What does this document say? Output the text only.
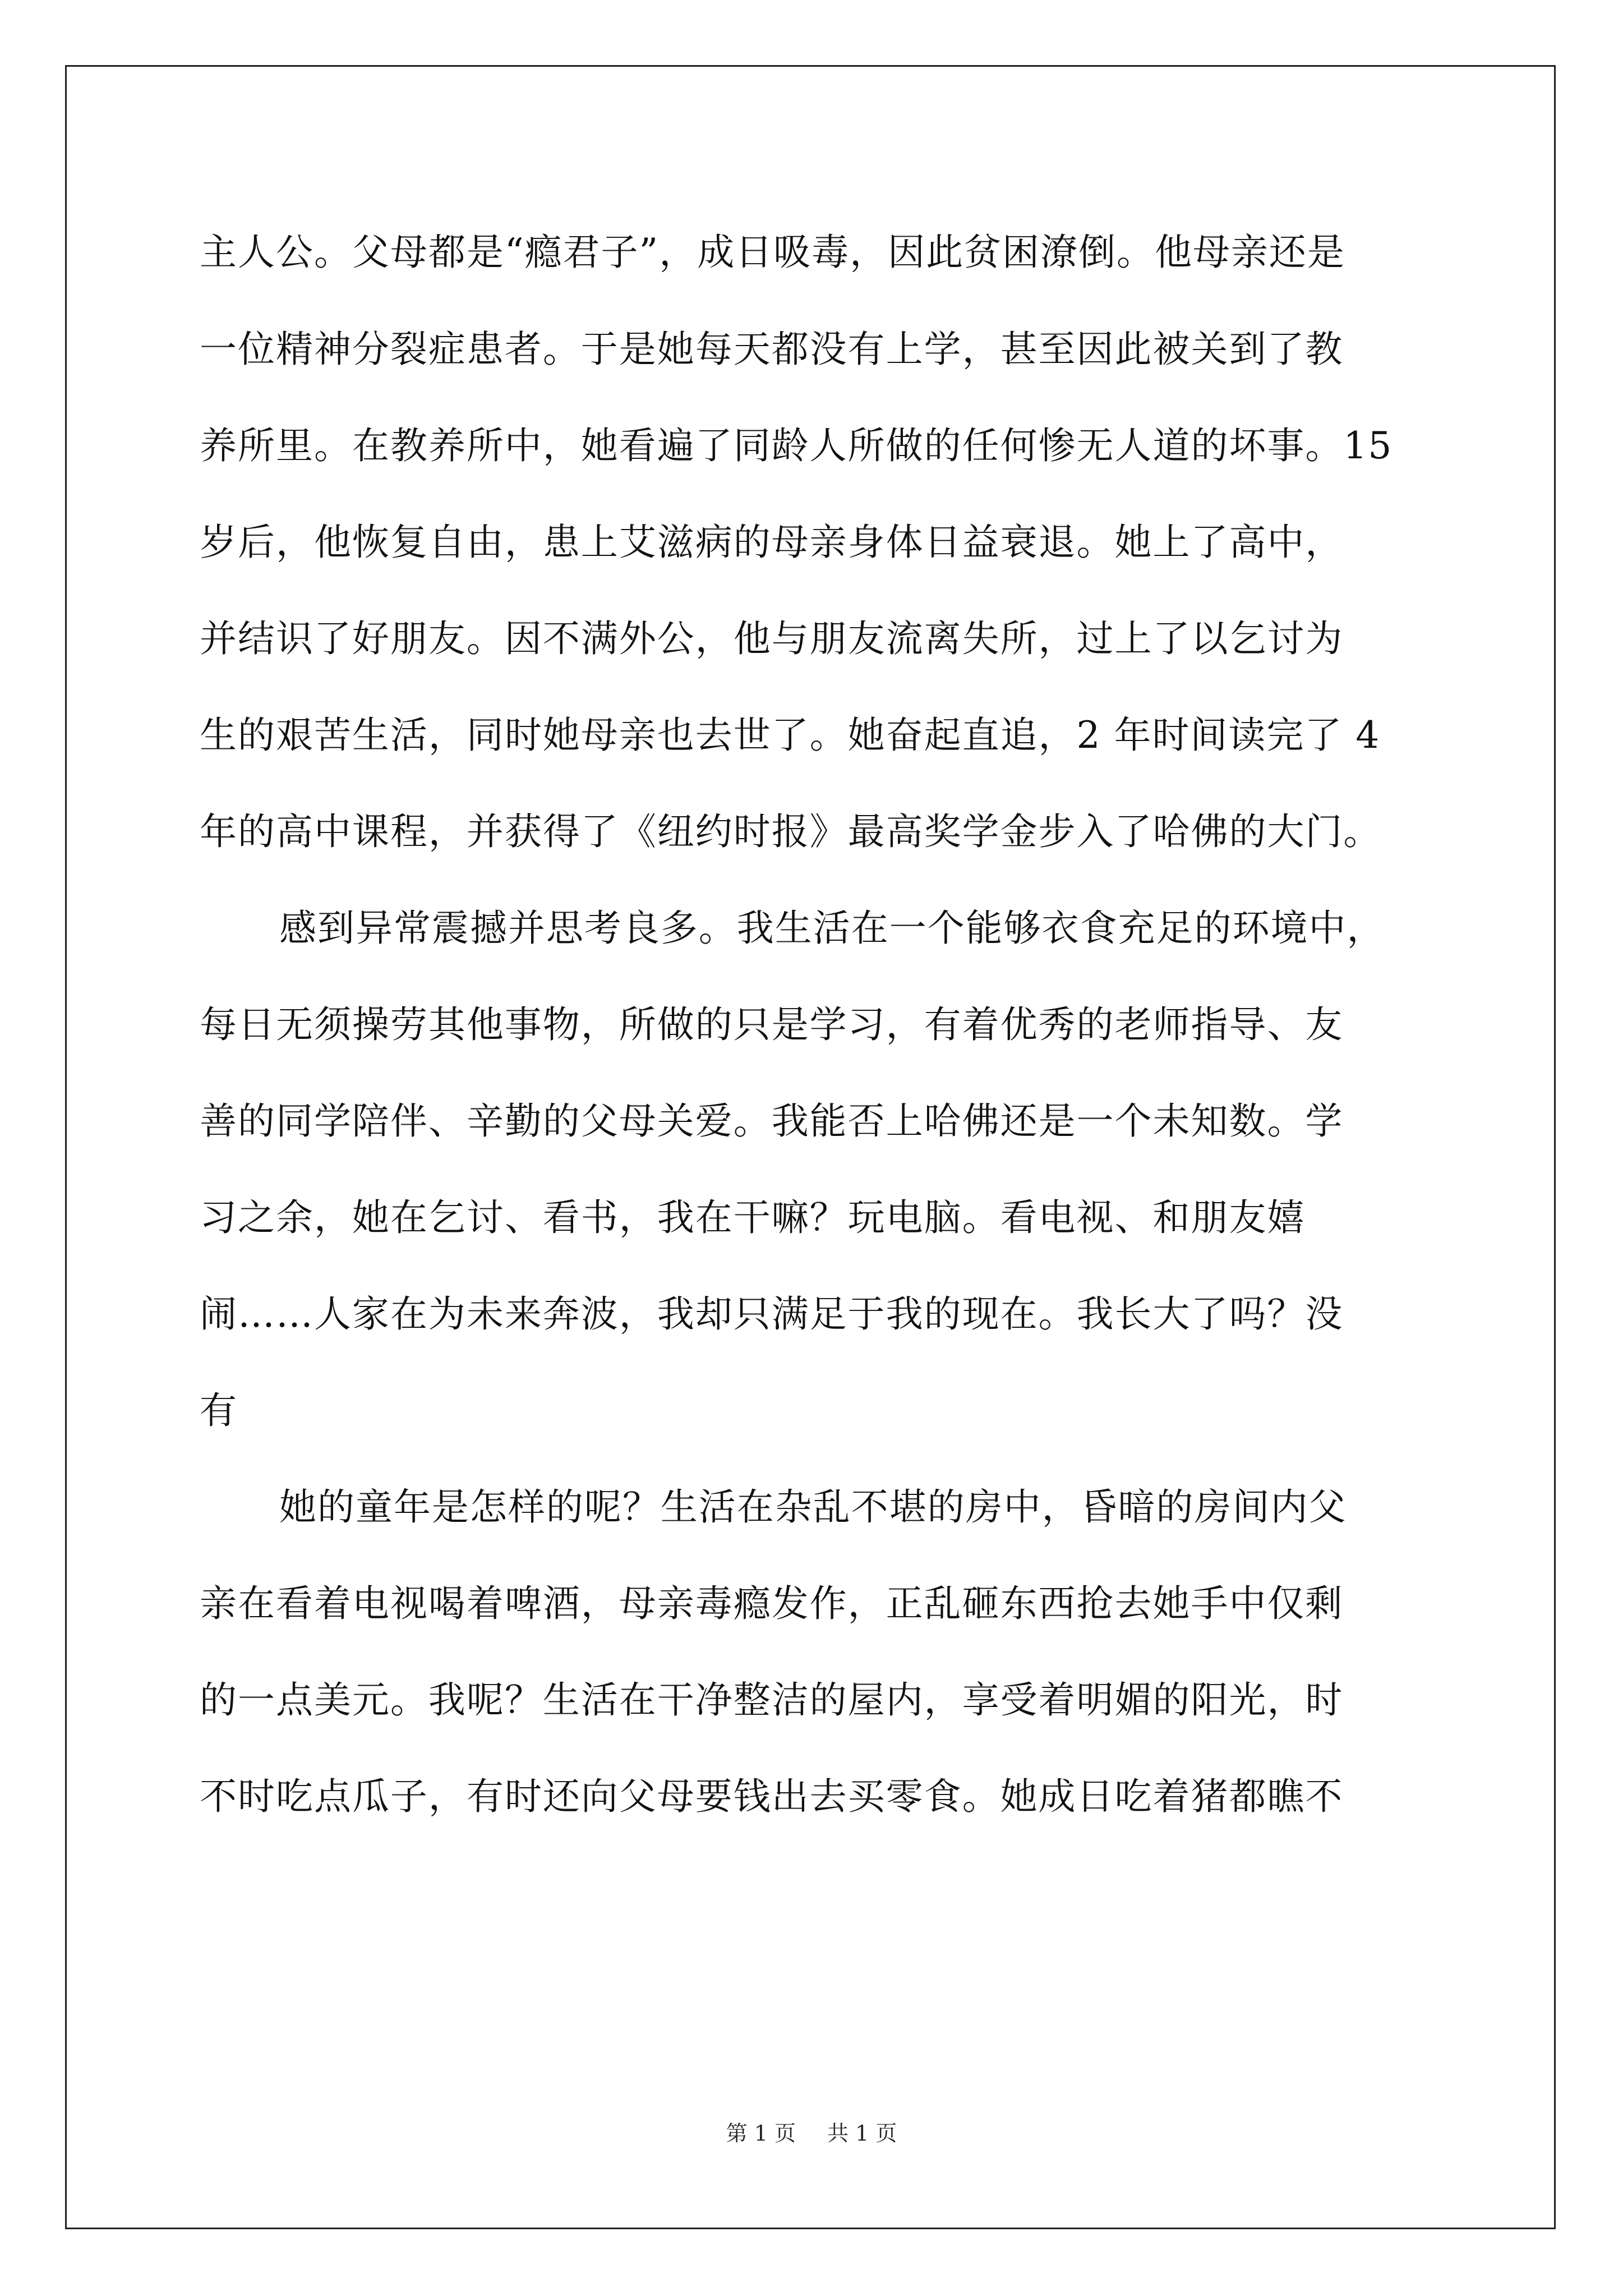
主人公。父母都是“瘾君子”，成日吸毒，因此贫困潦倒。他母亲还是
一位精神分裂症患者。于是她每天都没有上学，甚至因此被关到了教
养所里。在教养所中，她看遍了同龄人所做的任何惨无人道的坏事。15
岁后，他恢复自由，患上艾滋病的母亲身体日益衰退。她上了高中，
并结识了好朋友。因不满外公，他与朋友流离失所，过上了以乞讨为
生的艰苦生活，同时她母亲也去世了。她奋起直追，2 年时间读完了 4
年的高中课程，并获得了《纽约时报》最高奖学金步入了哈佛的大门。
感到异常震撼并思考良多。我生活在一个能够衣食充足的环境中，
每日无须操劳其他事物，所做的只是学习，有着优秀的老师指导、友
善的同学陪伴、辛勤的父母关爱。我能否上哈佛还是一个未知数。学
习之余，她在乞讨、看书，我在干嘛？玩电脑。看电视、和朋友嬉
闹……人家在为未来奔波，我却只满足于我的现在。我长大了吗？没
有
她的童年是怎样的呢？生活在杂乱不堪的房中，昏暗的房间内父
亲在看着电视喝着啤酒，母亲毒瘾发作，正乱砸东西抢去她手中仅剩
的一点美元。我呢？生活在干净整洁的屋内，享受着明媚的阳光，时
不时吃点瓜子，有时还向父母要钱出去买零食。她成日吃着猪都瞧不
第 1 页 共 1 页
